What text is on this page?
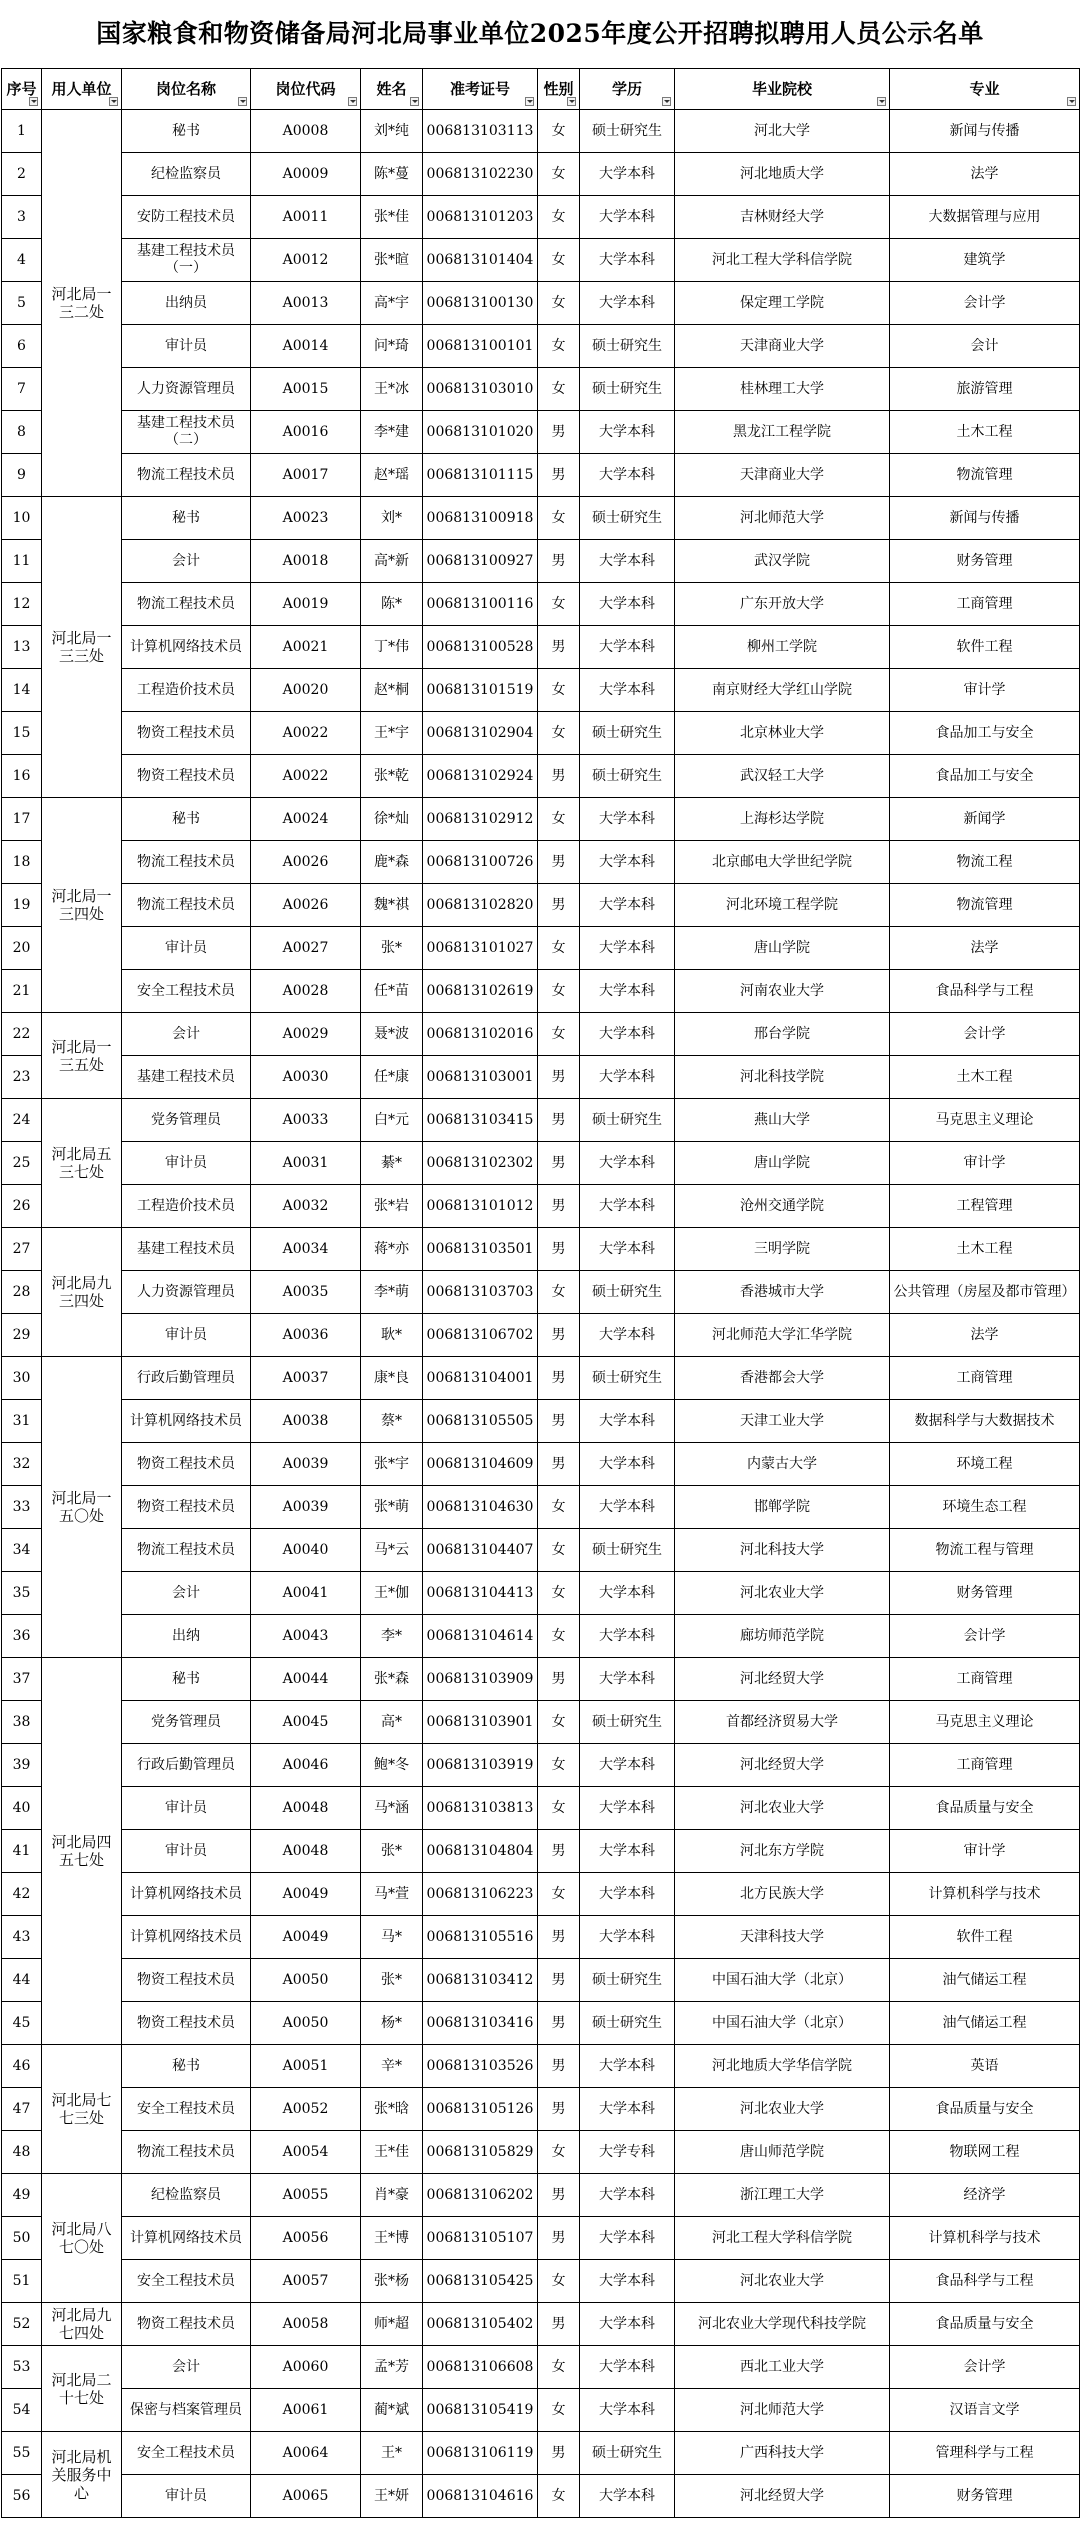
国家粮食和物资储备局河北局事业单位2025年度公开招聘拟聘用人员公示名单
序号	用人单位	岗位名称	岗位代码	姓名	准考证号	性别	学历	毕业院校	专业

1	河北局一三二处	秘书	A0008	刘*纯	006813103113	女	硕士研究生	河北大学	新闻与传播
2		纪检监察员	A0009	陈*蔓	006813102230	女	大学本科	河北地质大学	法学
3		安防工程技术员	A0011	张*佳	006813101203	女	大学本科	吉林财经大学	大数据管理与应用
4		基建工程技术员（一）	A0012	张*暄	006813101404	女	大学本科	河北工程大学科信学院	建筑学
5		出纳员	A0013	高*宇	006813100130	女	大学本科	保定理工学院	会计学
6		审计员	A0014	问*琦	006813100101	女	硕士研究生	天津商业大学	会计
7		人力资源管理员	A0015	王*冰	006813103010	女	硕士研究生	桂林理工大学	旅游管理
8		基建工程技术员（二）	A0016	李*建	006813101020	男	大学本科	黑龙江工程学院	土木工程
9		物流工程技术员	A0017	赵*瑶	006813101115	男	大学本科	天津商业大学	物流管理
10	河北局一三三处	秘书	A0023	刘*	006813100918	女	硕士研究生	河北师范大学	新闻与传播
11		会计	A0018	高*新	006813100927	男	大学本科	武汉学院	财务管理
12		物流工程技术员	A0019	陈*	006813100116	女	大学本科	广东开放大学	工商管理
13		计算机网络技术员	A0021	丁*伟	006813100528	男	大学本科	柳州工学院	软件工程
14		工程造价技术员	A0020	赵*桐	006813101519	女	大学本科	南京财经大学红山学院	审计学
15		物资工程技术员	A0022	王*宇	006813102904	女	硕士研究生	北京林业大学	食品加工与安全
16		物资工程技术员	A0022	张*乾	006813102924	男	硕士研究生	武汉轻工大学	食品加工与安全
17	河北局一三四处	秘书	A0024	徐*灿	006813102912	女	大学本科	上海杉达学院	新闻学
18		物流工程技术员	A0026	鹿*森	006813100726	男	大学本科	北京邮电大学世纪学院	物流工程
19		物流工程技术员	A0026	魏*祺	006813102820	男	大学本科	河北环境工程学院	物流管理
20		审计员	A0027	张*	006813101027	女	大学本科	唐山学院	法学
21		安全工程技术员	A0028	任*苗	006813102619	女	大学本科	河南农业大学	食品科学与工程
22	河北局一三五处	会计	A0029	聂*波	006813102016	女	大学本科	邢台学院	会计学
23		基建工程技术员	A0030	任*康	006813103001	男	大学本科	河北科技学院	土木工程
24	河北局五三七处	党务管理员	A0033	白*元	006813103415	男	硕士研究生	燕山大学	马克思主义理论
25		审计员	A0031	綦*	006813102302	男	大学本科	唐山学院	审计学
26		工程造价技术员	A0032	张*岩	006813101012	男	大学本科	沧州交通学院	工程管理
27	河北局九三四处	基建工程技术员	A0034	蒋*亦	006813103501	男	大学本科	三明学院	土木工程
28		人力资源管理员	A0035	李*萌	006813103703	女	硕士研究生	香港城市大学	公共管理（房屋及都市管理）
29		审计员	A0036	耿*	006813106702	男	大学本科	河北师范大学汇华学院	法学
30	河北局一五〇处	行政后勤管理员	A0037	康*良	006813104001	男	硕士研究生	香港都会大学	工商管理
31		计算机网络技术员	A0038	蔡*	006813105505	男	大学本科	天津工业大学	数据科学与大数据技术
32		物资工程技术员	A0039	张*宇	006813104609	男	大学本科	内蒙古大学	环境工程
33		物资工程技术员	A0039	张*萌	006813104630	女	大学本科	邯郸学院	环境生态工程
34		物流工程技术员	A0040	马*云	006813104407	女	硕士研究生	河北科技大学	物流工程与管理
35		会计	A0041	王*伽	006813104413	女	大学本科	河北农业大学	财务管理
36		出纳	A0043	李*	006813104614	女	大学本科	廊坊师范学院	会计学
37	河北局四五七处	秘书	A0044	张*森	006813103909	男	大学本科	河北经贸大学	工商管理
38		党务管理员	A0045	高*	006813103901	女	硕士研究生	首都经济贸易大学	马克思主义理论
39		行政后勤管理员	A0046	鲍*冬	006813103919	女	大学本科	河北经贸大学	工商管理
40		审计员	A0048	马*涵	006813103813	女	大学本科	河北农业大学	食品质量与安全
41		审计员	A0048	张*	006813104804	男	大学本科	河北东方学院	审计学
42		计算机网络技术员	A0049	马*萱	006813106223	女	大学本科	北方民族大学	计算机科学与技术
43		计算机网络技术员	A0049	马*	006813105516	男	大学本科	天津科技大学	软件工程
44		物资工程技术员	A0050	张*	006813103412	男	硕士研究生	中国石油大学（北京）	油气储运工程
45		物资工程技术员	A0050	杨*	006813103416	男	硕士研究生	中国石油大学（北京）	油气储运工程
46	河北局七七三处	秘书	A0051	辛*	006813103526	男	大学本科	河北地质大学华信学院	英语
47		安全工程技术员	A0052	张*晗	006813105126	男	大学本科	河北农业大学	食品质量与安全
48		物流工程技术员	A0054	王*佳	006813105829	女	大学专科	唐山师范学院	物联网工程
49	河北局八七〇处	纪检监察员	A0055	肖*豪	006813106202	男	大学本科	浙江理工大学	经济学
50		计算机网络技术员	A0056	王*博	006813105107	男	大学本科	河北工程大学科信学院	计算机科学与技术
51		安全工程技术员	A0057	张*杨	006813105425	女	大学本科	河北农业大学	食品科学与工程
52	河北局九七四处	物资工程技术员	A0058	师*超	006813105402	男	大学本科	河北农业大学现代科技学院	食品质量与安全
53	河北局二十七处	会计	A0060	孟*芳	006813106608	女	大学本科	西北工业大学	会计学
54		保密与档案管理员	A0061	蔺*斌	006813105419	女	大学本科	河北师范大学	汉语言文学
55	河北局机关服务中心	安全工程技术员	A0064	王*	006813106119	男	硕士研究生	广西科技大学	管理科学与工程
56		审计员	A0065	王*妍	006813104616	女	大学本科	河北经贸大学	财务管理
